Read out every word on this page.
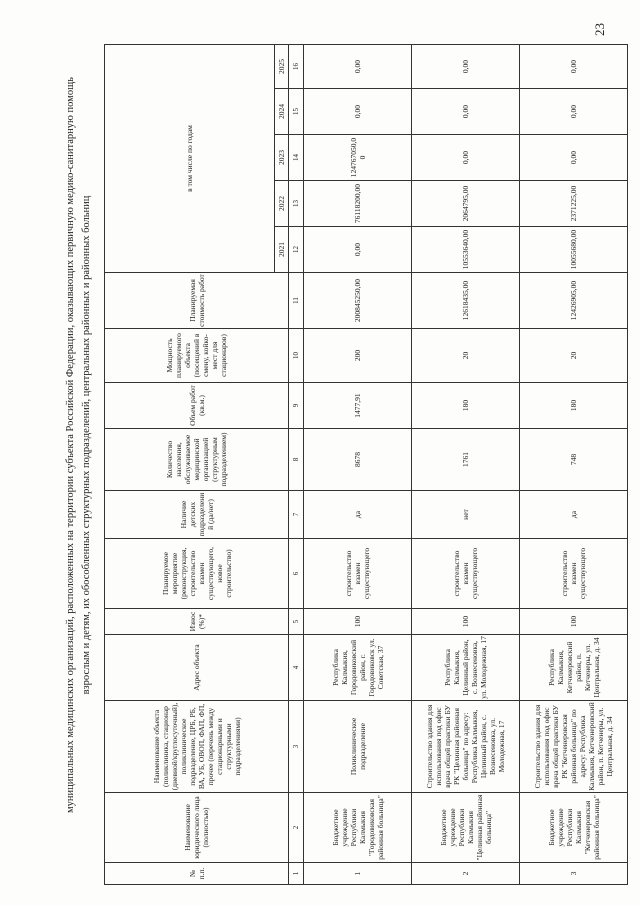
23
муниципальных медицинских организаций, расположенных на территории субъекта Российской Федерации, оказывающих первичную медико-санитарную помощь взрослым и детям, их обособленных структурных подразделений, центральных районных и районных больниц
№ п.п.	Наименование юридического лица (полностью)	Наименование объекта (поликлиника, стационар (дневной/круглосуточный), поликлиническое подразделение, ЦРБ, РБ, ВА, УБ, ОВОП, ФАП, ФП, прочее (перечень между стационарными и структурными подразделениями)	Адрес объекта	Износ (%)*	Планируемое мероприятие (реконструкция, строительство взамен существующего, новое строительство)	Наличие детских подразделений (да/нет)	Количество населения, обслуживаемое медицинской организацией (структурным подразделением)	Объем работ (кв.м.)	Мощность планируемого объекта (посещений в смену, койко-мест для стационаров)	Планируемая стоимость работ	в том числе по годам				
											2021	2022	2023	2024	2025
1	2	3	4	5	6	7	8	9	10	11	12	13	14	15	16
1	Бюджетное учреждение Республики Калмыкия "Городовиковская районная больница"	Поликлиническое подразделение	Республика Калмыкия, Городовиковский район, г. Городовиковск ул. Советская, 37	100	строительство взамен существующего	да	8678	1477,91	200	200845250,00	0,00	76118200,00	124767050,00	0,00	0,00
2	Бюджетное учреждение Республики Калмыкия "Целинная районная больница"	Строительство здания для использования под офис врача общей практики БУ РК "Целинная районная больница" по адресу: Республика Калмыкия, Целинный район, с. Вознесеновка, ул. Молодежная, 17	Республика Калмыкия, Целинный район, с. Вознесеновка, ул. Молодежная, 17	100	строительство взамен существующего	нет	1761	180	20	12618435,00	10553640,00	2064795,00	0,00	0,00	0,00
3	Бюджетное учреждение Республики Калмыкия "Кетченеровская районная больница"	Строительство здания для использования под офис врача общей практики БУ РК "Кетченеровская районная больница" по адресу: Республика Калмыкия, Кетченеровский район, п. Кетченеры, ул. Центральная, д. 34	Республика Калмыкия, Кетченеровский район, п. Кетченеры, ул. Центральная, д. 34	100	строительство взамен существующего	да	748	180	20	12426905,00	10055680,00	2371225,00	0,00	0,00	0,00
